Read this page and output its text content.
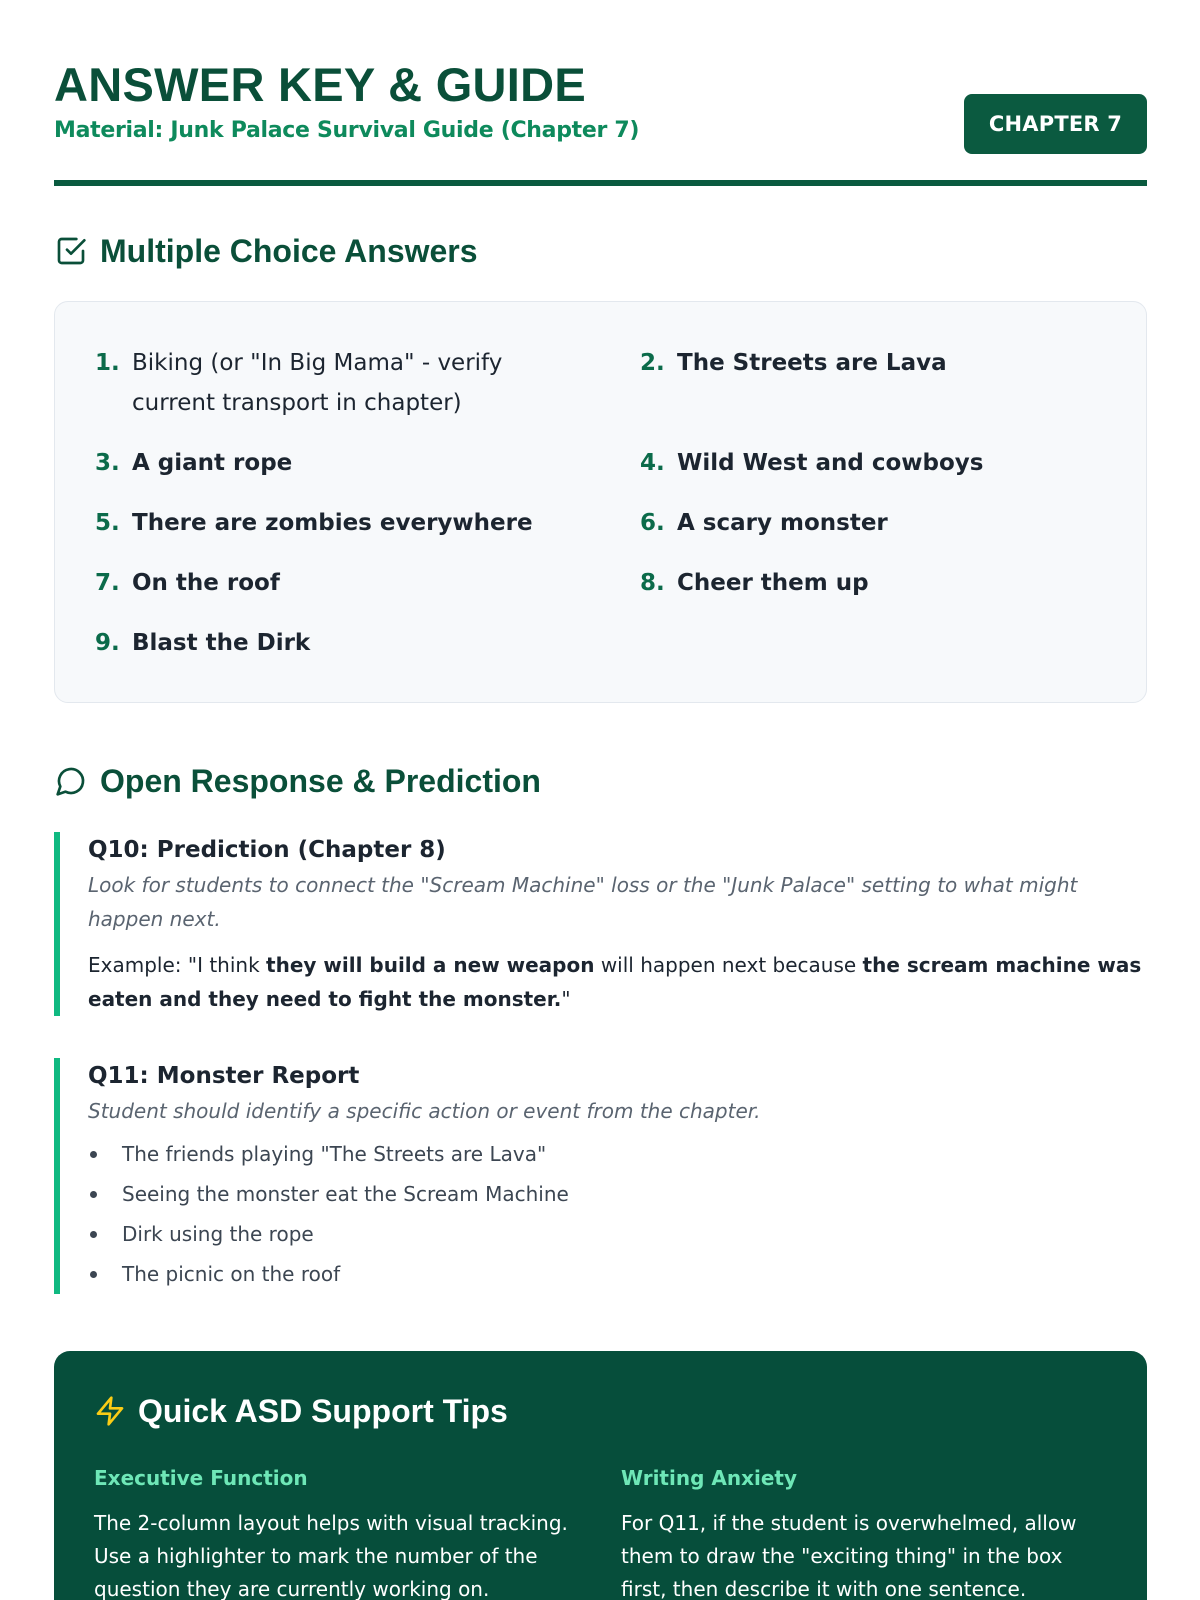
ANSWER KEY & GUIDE
Material: Junk Palace Survival Guide (Chapter 7)	CHAPTER 7
Multiple Choice Answers
1. Biking (or "In Big Mama" - verify current transport in chapter)
2. The Streets are Lava
3. A giant rope	4. Wild West and cowboys
5. There are zombies everywhere	6. A scary monster
7. On the roof	8. Cheer them up
9. Blast the Dirk
Open Response & Prediction
Q10: Prediction (Chapter 8)
Look for students to connect the "Scream Machine" loss or the "Junk Palace" setting to what might happen next.
Example: "I think they will build a new weapon will happen next because the scream machine was eaten and they need to fight the monster."
Q11: Monster Report
Student should identify a specific action or event from the chapter.
The friends playing "The Streets are Lava"
Seeing the monster eat the Scream Machine
Dirk using the rope
The picnic on the roof
Quick ASD Support Tips
Executive Function
The 2-column layout helps with visual tracking. Use a highlighter to mark the number of the question they are currently working on.
Writing Anxiety
For Q11, if the student is overwhelmed, allow them to draw the "exciting thing" in the box first, then describe it with one sentence.
